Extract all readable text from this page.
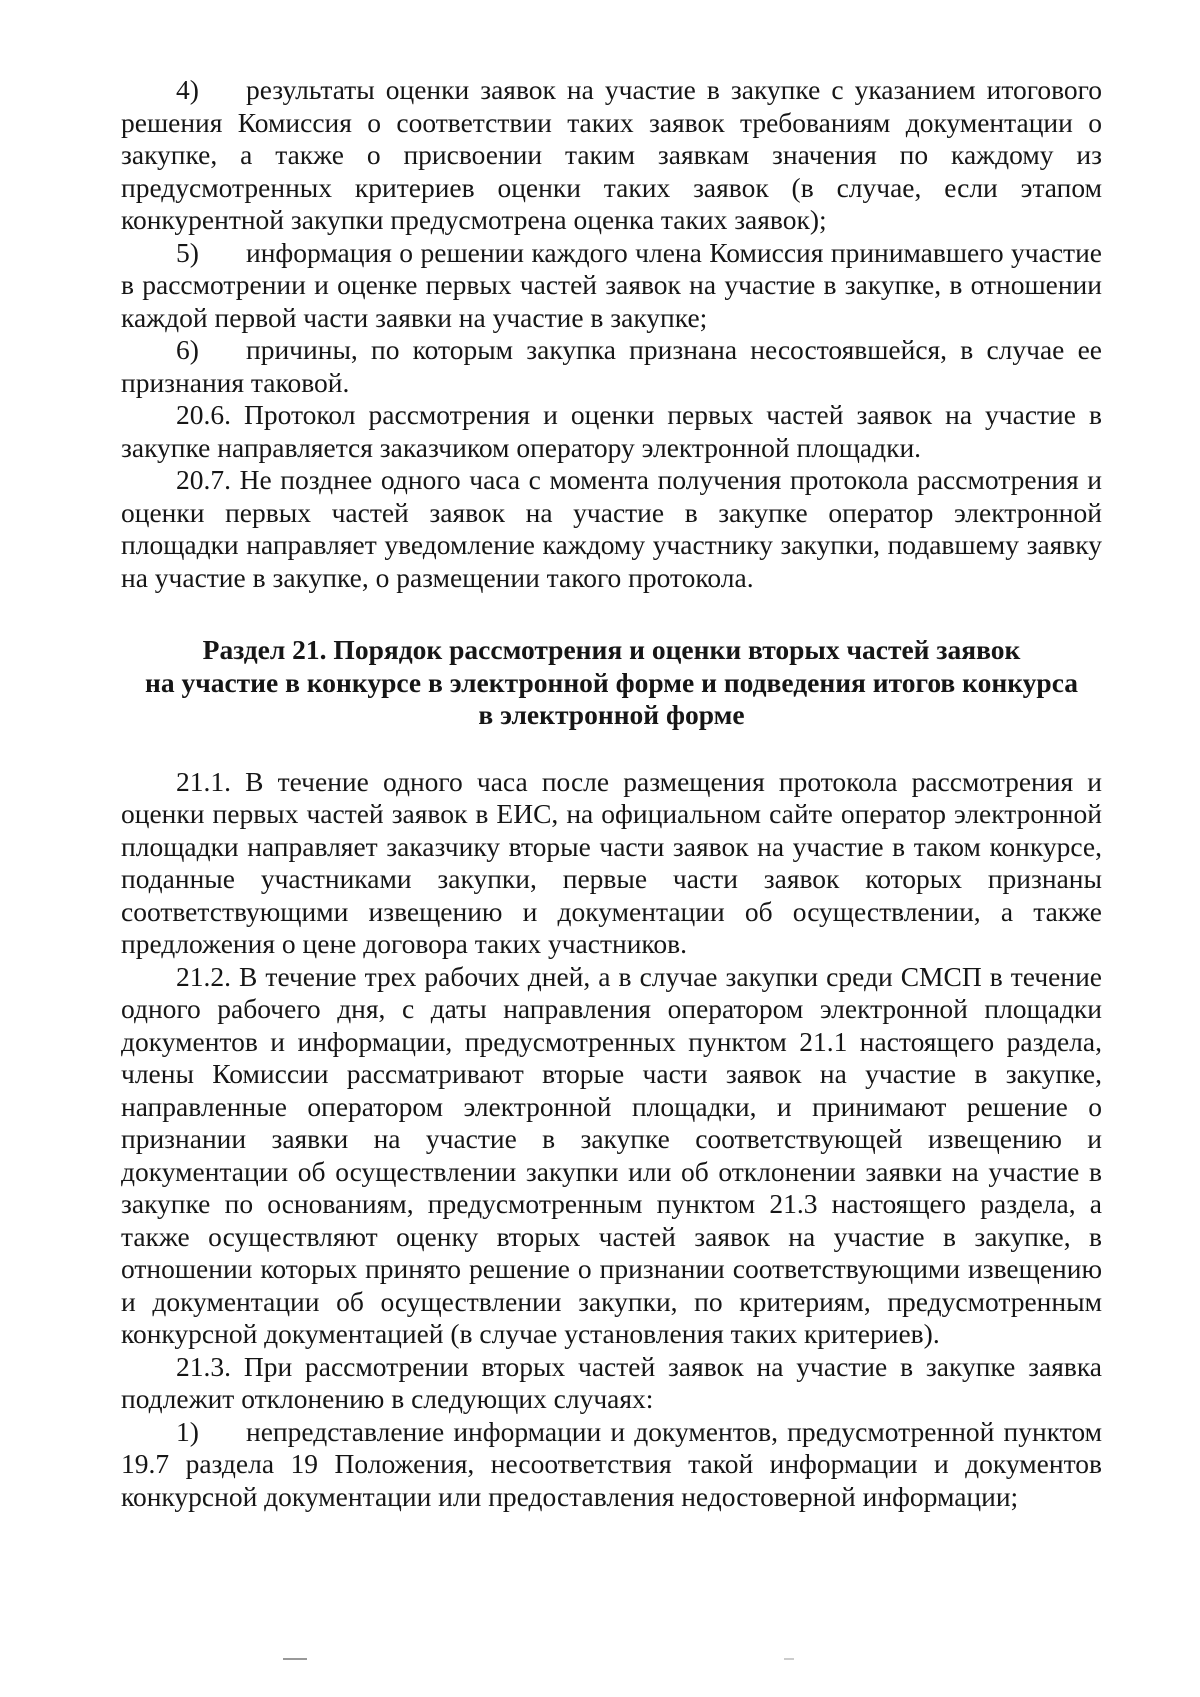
4) результаты оценки заявок на участие в закупке с указанием итогового решения Комиссия о соответствии таких заявок требованиям документации о закупке, а также о присвоении таким заявкам значения по каждому из предусмотренных критериев оценки таких заявок (в случае, если этапом конкурентной закупки предусмотрена оценка таких заявок);

5) информация о решении каждого члена Комиссия принимавшего участие в рассмотрении и оценке первых частей заявок на участие в закупке, в отношении каждой первой части заявки на участие в закупке;

6) причины, по которым закупка признана несостоявшейся, в случае ее признания таковой.

20.6. Протокол рассмотрения и оценки первых частей заявок на участие в закупке направляется заказчиком оператору электронной площадки.

20.7. Не позднее одного часа с момента получения протокола рассмотрения и оценки первых частей заявок на участие в закупке оператор электронной площадки направляет уведомление каждому участнику закупки, подавшему заявку на участие в закупке, о размещении такого протокола.

Раздел 21. Порядок рассмотрения и оценки вторых частей заявок
на участие в конкурсе в электронной форме и подведения итогов конкурса
в электронной форме

21.1. В течение одного часа после размещения протокола рассмотрения и оценки первых частей заявок в ЕИС, на официальном сайте оператор электронной площадки направляет заказчику вторые части заявок на участие в таком конкурсе, поданные участниками закупки, первые части заявок которых признаны соответствующими извещению и документации об осуществлении, а также предложения о цене договора таких участников.

21.2. В течение трех рабочих дней, а в случае закупки среди СМСП в течение одного рабочего дня, с даты направления оператором электронной площадки документов и информации, предусмотренных пунктом 21.1 настоящего раздела, члены Комиссии рассматривают вторые части заявок на участие в закупке, направленные оператором электронной площадки, и принимают решение о признании заявки на участие в закупке соответствующей извещению и документации об осуществлении закупки или об отклонении заявки на участие в закупке по основаниям, предусмотренным пунктом 21.3 настоящего раздела, а также осуществляют оценку вторых частей заявок на участие в закупке, в отношении которых принято решение о признании соответствующими извещению и документации об осуществлении закупки, по критериям, предусмотренным конкурсной документацией (в случае установления таких критериев).

21.3. При рассмотрении вторых частей заявок на участие в закупке заявка подлежит отклонению в следующих случаях:

1) непредставление информации и документов, предусмотренной пунктом 19.7 раздела 19 Положения, несоответствия такой информации и документов конкурсной документации или предоставления недостоверной информации;
